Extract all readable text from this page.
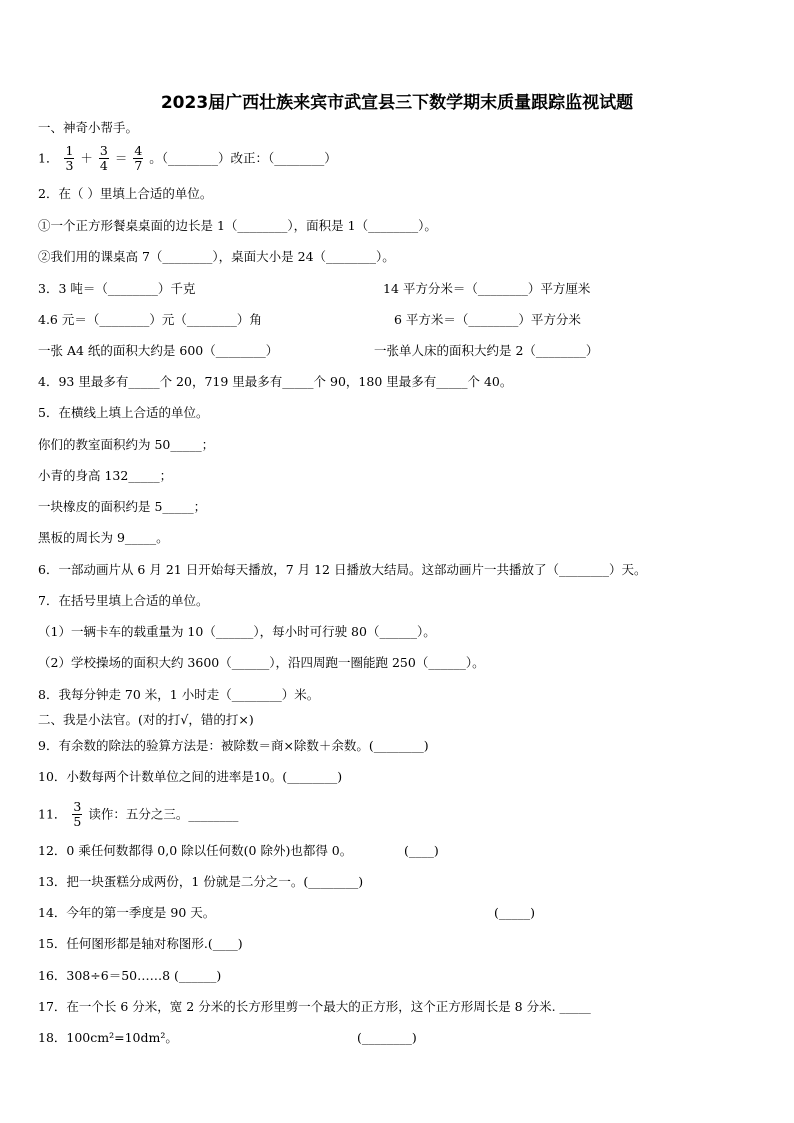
2023届广西壮族来宾市武宣县三下数学期末质量跟踪监视试题
一、神奇小帮手。
1． $\frac{1}{3} + \frac{3}{4} = \frac{4}{7}$ 。（________）改正：（________）
2．在（ ）里填上合适的单位。
①一个正方形餐桌桌面的边长是 1（________），面积是 1（________）。
②我们用的课桌高 7（________），桌面大小是 24（________）。
3．3 吨＝（________）千克	14 平方分米＝（________）平方厘米
4.6 元＝（________）元（________）角	6 平方米＝（________）平方分米
一张 A4 纸的面积大约是 600（________）	一张单人床的面积大约是 2（________）
4．93 里最多有_____个 20，719 里最多有_____个 90，180 里最多有_____个 40。
5．在横线上填上合适的单位。
你们的教室面积约为 50_____；
小青的身高 132_____；
一块橡皮的面积约是 5_____；
黑板的周长为 9_____。
6．一部动画片从 6 月 21 日开始每天播放，7 月 12 日播放大结局。这部动画片一共播放了（________）天。
7．在括号里填上合适的单位。
（1）一辆卡车的载重量为 10（______），每小时可行驶 80（______）。
（2）学校操场的面积大约 3600（______），沿四周跑一圈能跑 250（______）。
8．我每分钟走 70 米，1 小时走（________）米。
二、我是小法官。(对的打√，错的打×)
9．有余数的除法的验算方法是：被除数＝商×除数＋余数。(________)
10．小数每两个计数单位之间的进率是10。(________)
11． $\frac{3}{5}$ 读作：五分之三。________
12．0 乘任何数都得 0,0 除以任何数(0 除外)也都得 0。	(____)
13．把一块蛋糕分成两份，1 份就是二分之一。(________)
14．今年的第一季度是 90 天。	(_____)
15．任何图形都是轴对称图形.(____)
16．308÷6＝50……8 (______)
17．在一个长 6 分米，宽 2 分米的长方形里剪一个最大的正方形，这个正方形周长是 8 分米. _____
18．100cm²=10dm²。	(________)
